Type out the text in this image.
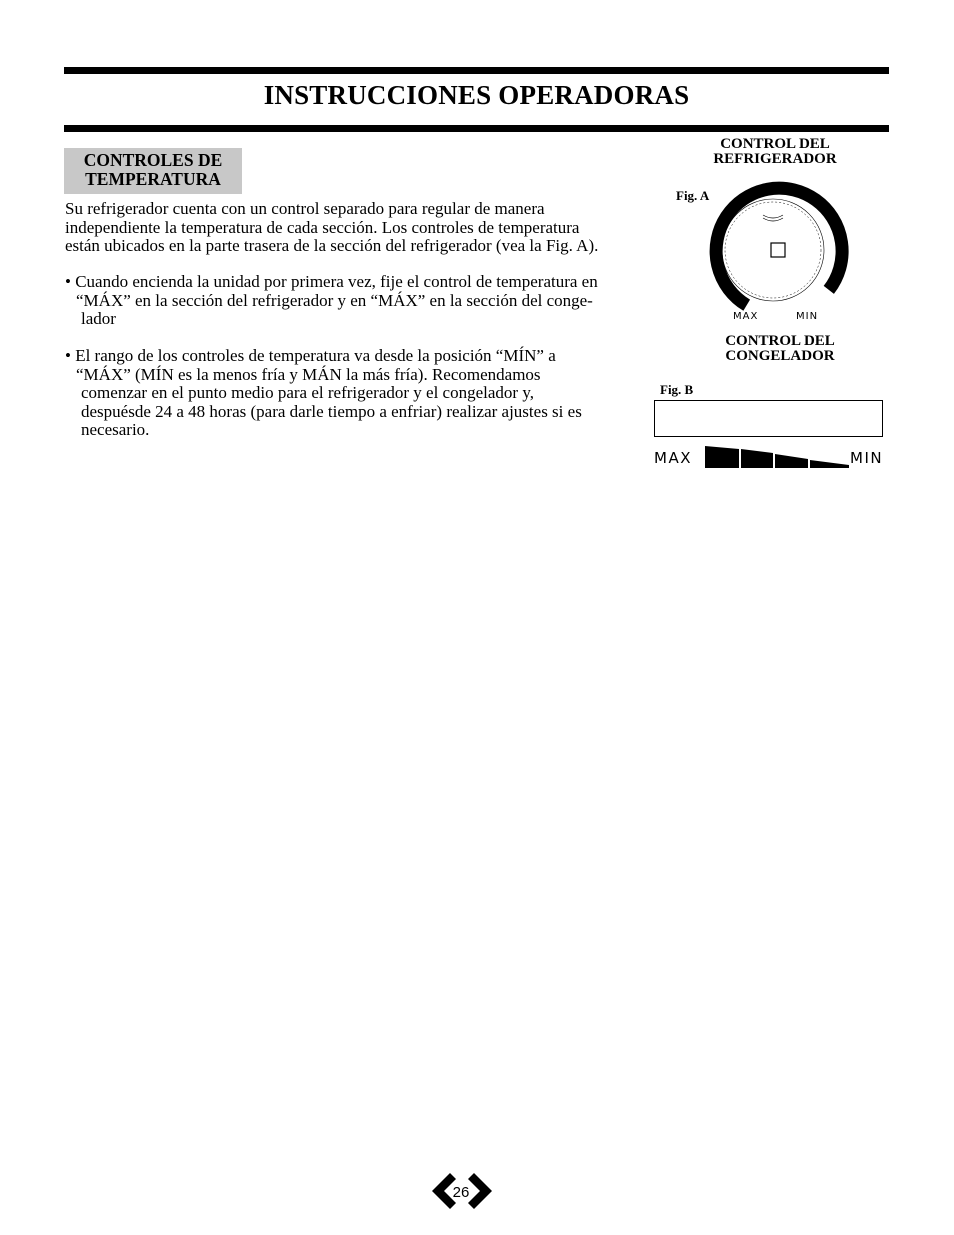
INSTRUCCIONES OPERADORAS
CONTROLES DE
TEMPERATURA

Su refrigerador cuenta con un control separado para regular de manera
independiente la temperatura de cada sección. Los controles de temperatura
están ubicados en la parte trasera de la sección del refrigerador (vea la Fig. A).

• Cuando encienda la unidad por primera vez, fije el control de temperatura en
“MÁX” en la sección del refrigerador y en “MÁX” en la sección del conge-
lador

• El rango de los controles de temperatura va desde la posición “MÍN” a
“MÁX” (MÍN es la menos fría y MÁN la más fría). Recomendamos
comenzar en el punto medio para el refrigerador y el congelador y,
despuésde 24 a 48 horas (para darle tiempo a enfriar) realizar ajustes si es
necesario.

CONTROL DEL
REFRIGERADOR
Fig. A
MAX	MIN
CONTROL DEL
CONGELADOR
Fig. B
MAX	MIN
26
